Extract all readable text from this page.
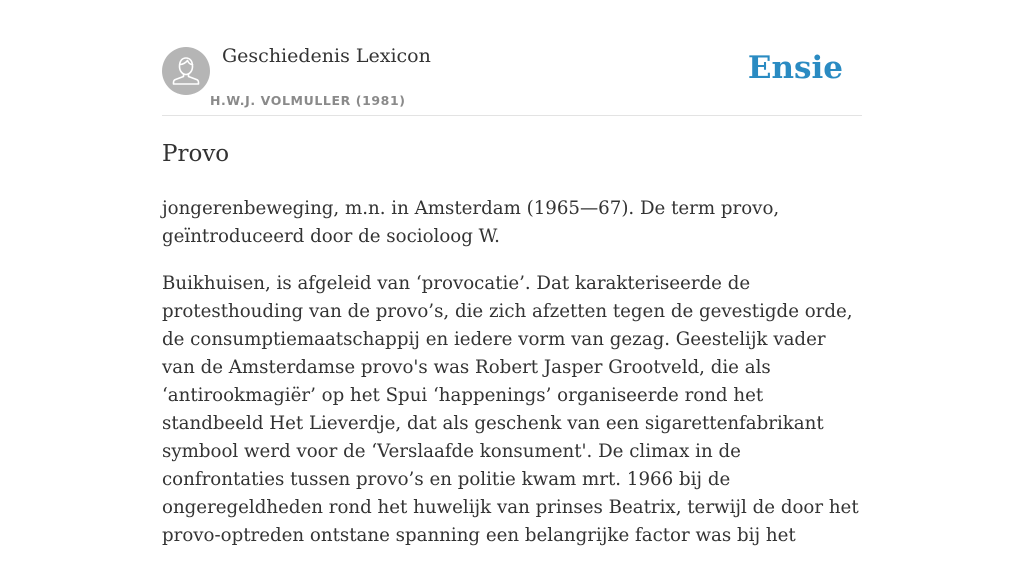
Geschiedenis Lexicon
H.W.J. VOLMULLER (1981)
Ensie
Provo

jongerenbeweging, m.n. in Amsterdam (1965—67). De term provo, geïntroduceerd door de socioloog W.

Buikhuisen, is afgeleid van ‘provocatie’. Dat karakteriseerde de protesthouding van de provo’s, die zich afzetten tegen de gevestigde orde, de consumptiemaatschappij en iedere vorm van gezag. Geestelijk vader van de Amsterdamse provo's was Robert Jasper Grootveld, die als ‘antirookmagiër’ op het Spui ‘happenings’ organiseerde rond het standbeeld Het Lieverdje, dat als geschenk van een sigarettenfabrikant symbool werd voor de ‘Verslaafde konsument'. De climax in de confrontaties tussen provo’s en politie kwam mrt. 1966 bij de ongeregeldheden rond het huwelijk van prinses Beatrix, terwijl de door het provo-optreden ontstane spanning een belangrijke factor was bij het
